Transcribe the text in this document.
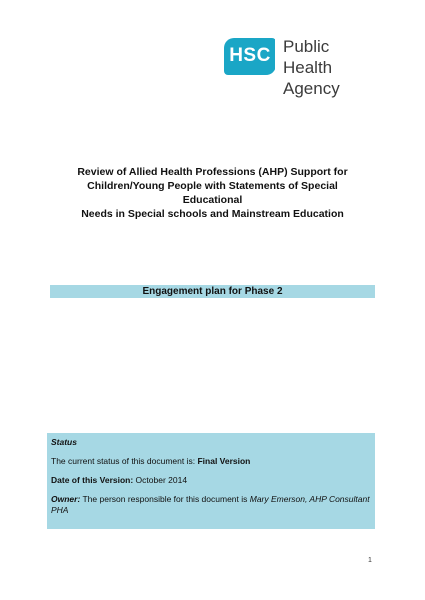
HSC Public Health
Agency
Review of Allied Health Professions (AHP) Support for
Children/Young People with Statements of Special Educational
Needs in Special schools and Mainstream Education
Engagement plan for Phase 2
Status
The current status of this document is: Final Version
Date of this Version: October 2014
Owner: The person responsible for this document is Mary Emerson, AHP Consultant PHA
1
